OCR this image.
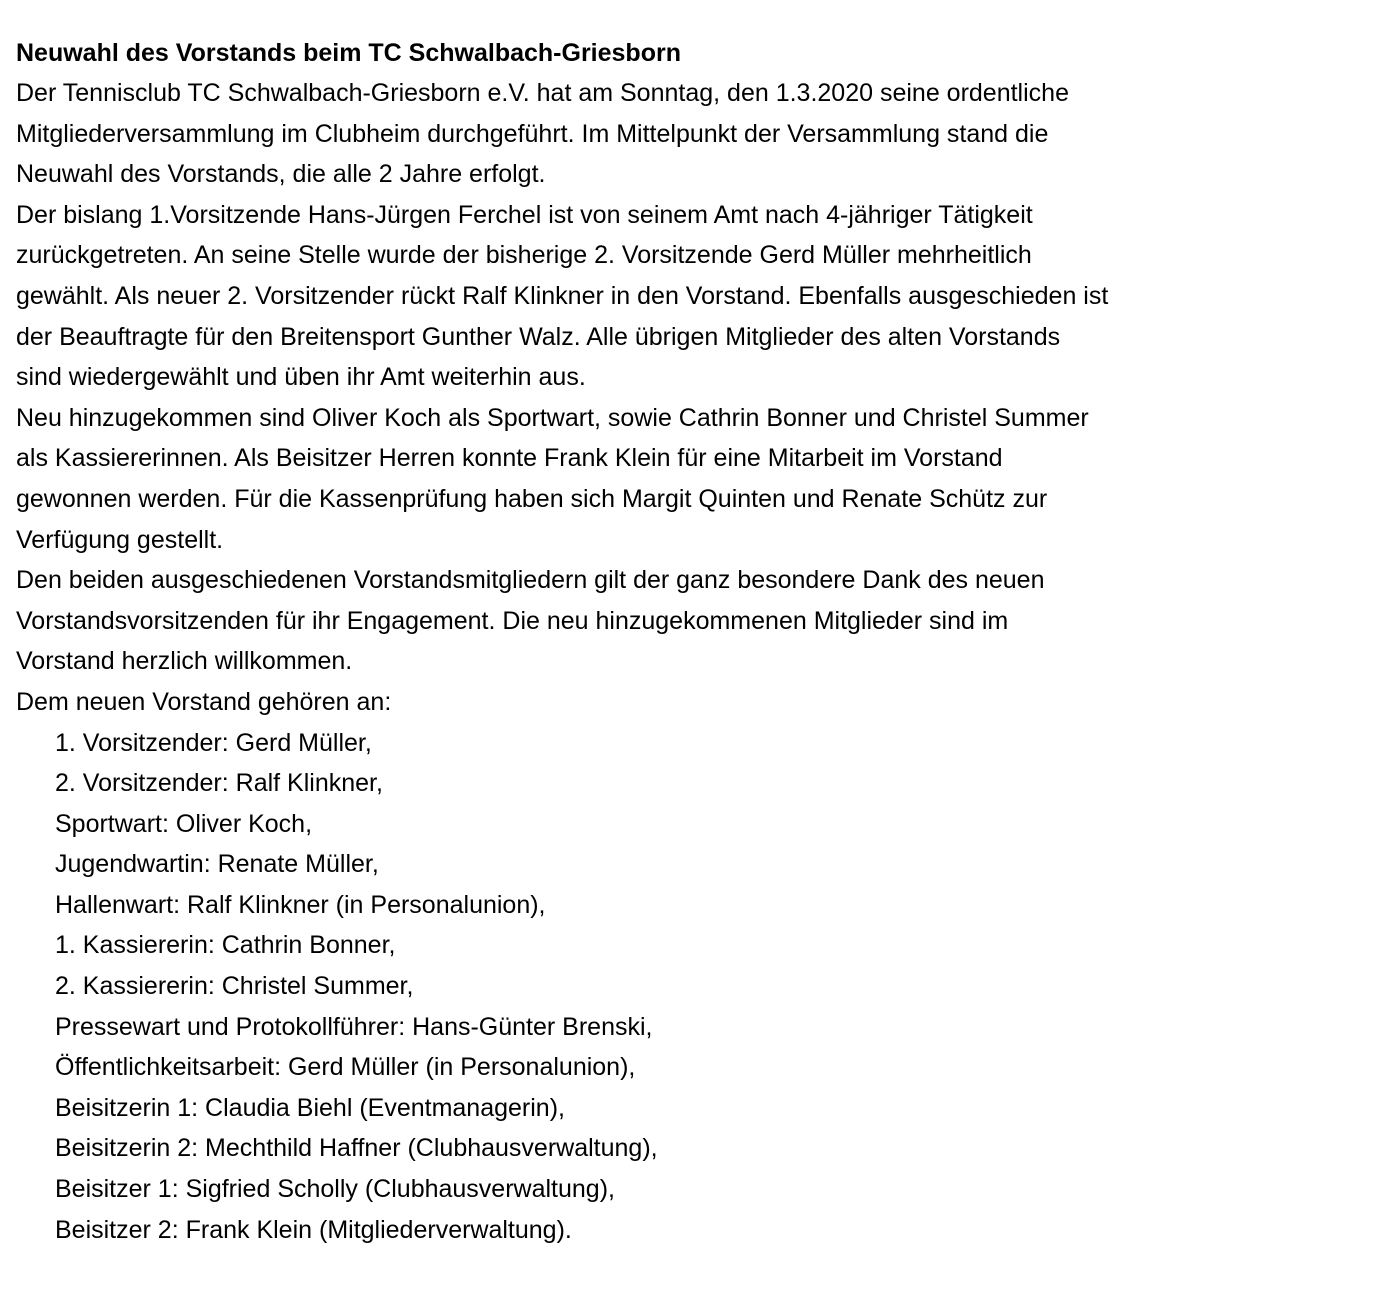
Neuwahl des Vorstands beim TC Schwalbach-Griesborn

Der Tennisclub TC Schwalbach-Griesborn e.V. hat am Sonntag, den 1.3.2020 seine ordentliche

Mitgliederversammlung im Clubheim durchgeführt. Im Mittelpunkt der Versammlung stand die

Neuwahl des Vorstands, die alle 2 Jahre erfolgt.

Der bislang 1.Vorsitzende Hans-Jürgen Ferchel ist von seinem Amt nach 4-jähriger Tätigkeit

zurückgetreten. An seine Stelle wurde der bisherige 2. Vorsitzende Gerd Müller mehrheitlich

gewählt. Als neuer 2. Vorsitzender rückt Ralf Klinkner in den Vorstand. Ebenfalls ausgeschieden ist

der Beauftragte für den Breitensport Gunther Walz. Alle übrigen Mitglieder des alten Vorstands

sind wiedergewählt und üben ihr Amt weiterhin aus.

Neu hinzugekommen sind Oliver Koch als Sportwart, sowie Cathrin Bonner und Christel Summer

als Kassiererinnen. Als Beisitzer Herren konnte Frank Klein für eine Mitarbeit im Vorstand

gewonnen werden. Für die Kassenprüfung haben sich Margit Quinten und Renate Schütz zur

Verfügung gestellt.

Den beiden ausgeschiedenen Vorstandsmitgliedern gilt der ganz besondere Dank des neuen

Vorstandsvorsitzenden für ihr Engagement. Die neu hinzugekommenen Mitglieder sind im

Vorstand herzlich willkommen.

Dem neuen Vorstand gehören an:

1. Vorsitzender: Gerd Müller,
2. Vorsitzender: Ralf Klinkner,
Sportwart: Oliver Koch,
Jugendwartin: Renate Müller,
Hallenwart: Ralf Klinkner (in Personalunion),
1. Kassiererin: Cathrin Bonner,
2. Kassiererin: Christel Summer,
Pressewart und Protokollführer: Hans-Günter Brenski,
Öffentlichkeitsarbeit: Gerd Müller (in Personalunion),
Beisitzerin 1: Claudia Biehl (Eventmanagerin),
Beisitzerin 2: Mechthild Haffner (Clubhausverwaltung),
Beisitzer 1: Sigfried Scholly (Clubhausverwaltung),
Beisitzer 2: Frank Klein (Mitgliederverwaltung).
